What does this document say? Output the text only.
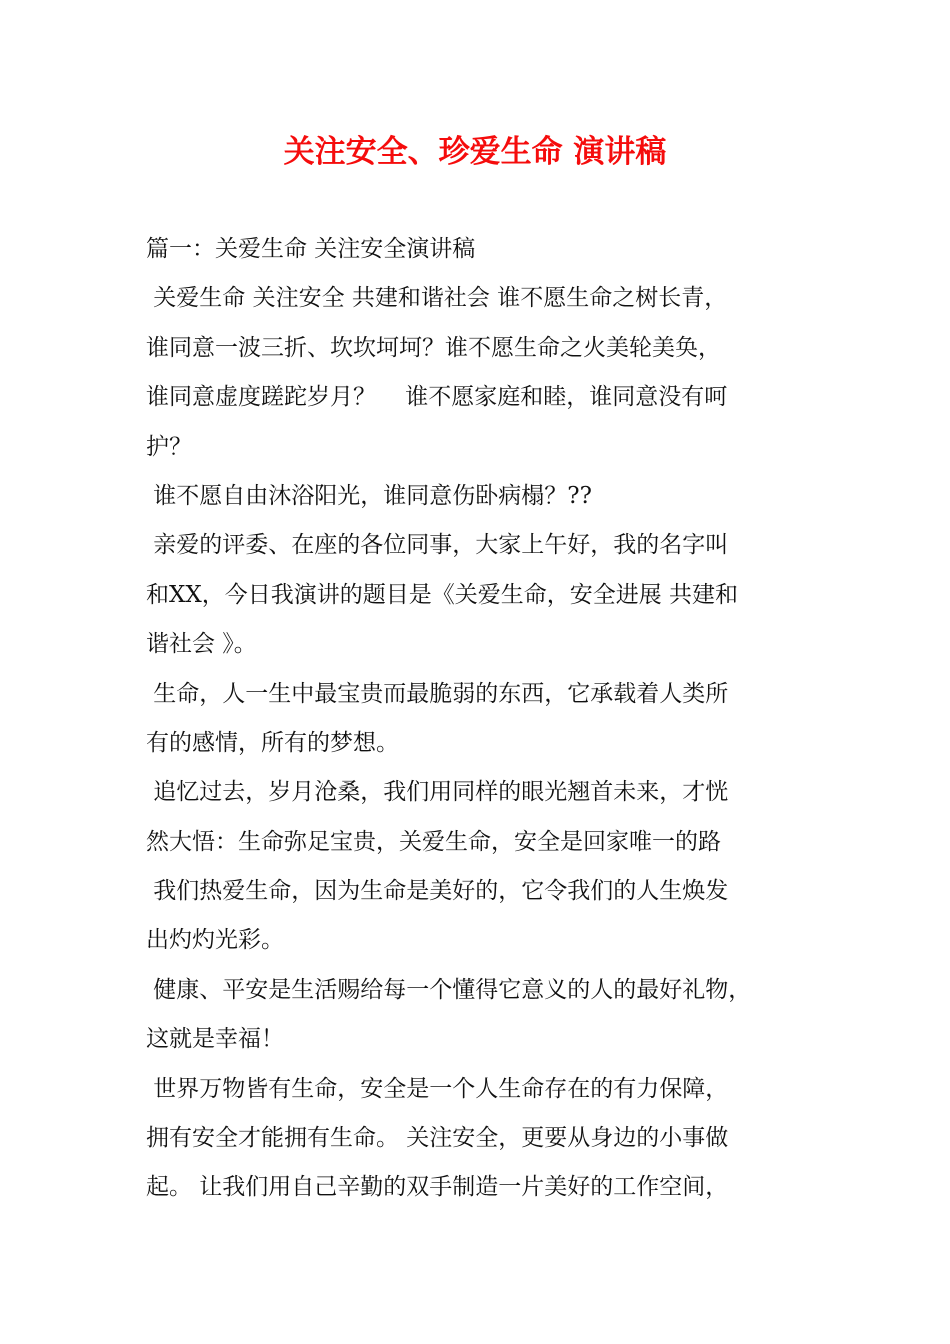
关注安全、珍爱生命 演讲稿
篇一：关爱生命 关注安全演讲稿
关爱生命 关注安全 共建和谐社会 谁不愿生命之树长青，
谁同意一波三折、坎坎坷坷？谁不愿生命之火美轮美奂，
谁同意虚度蹉跎岁月？    谁不愿家庭和睦，谁同意没有呵
护？
谁不愿自由沐浴阳光，谁同意伤卧病榻？??
亲爱的评委、在座的各位同事，大家上午好，我的名字叫
和XX，今日我演讲的题目是《关爱生命，安全进展 共建和
谐社会 》。
生命，人一生中最宝贵而最脆弱的东西，它承载着人类所
有的感情，所有的梦想。
追忆过去，岁月沧桑，我们用同样的眼光翘首未来，才恍
然大悟：生命弥足宝贵，关爱生命，安全是回家唯一的路
我们热爱生命，因为生命是美好的，它令我们的人生焕发
出灼灼光彩。
健康、平安是生活赐给每一个懂得它意义的人的最好礼物，
这就是幸福！
世界万物皆有生命，安全是一个人生命存在的有力保障，
拥有安全才能拥有生命。 关注安全，更要从身边的小事做
起。 让我们用自己辛勤的双手制造一片美好的工作空间，
